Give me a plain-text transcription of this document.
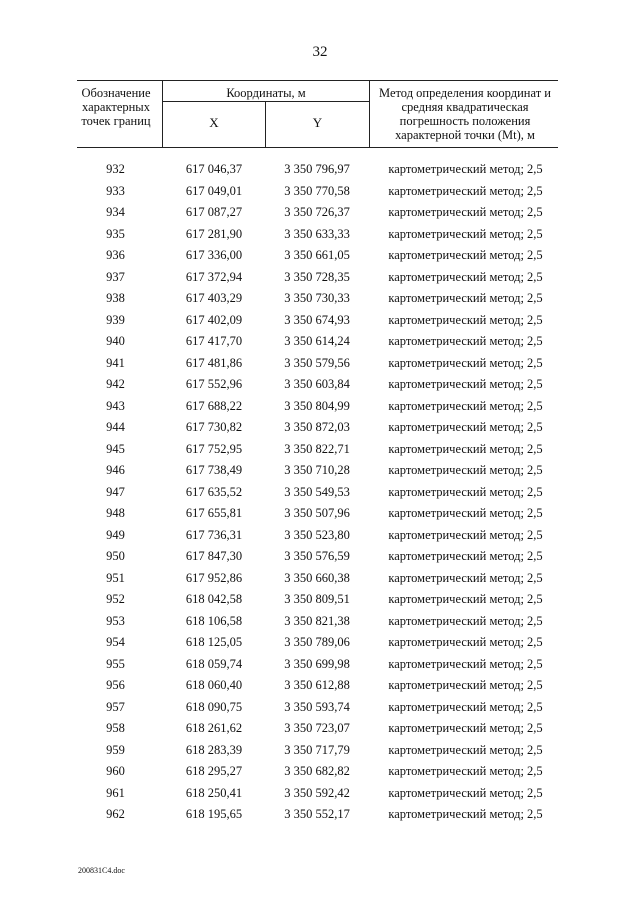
32
Обозначение характерных точек границ
Координаты, м
X	Y
Метод определения координат и средняя квадратическая погрешность положения характерной точки (Mt), м
932	617 046,37	3 350 796,97	картометрический метод; 2,5
933	617 049,01	3 350 770,58	картометрический метод; 2,5
934	617 087,27	3 350 726,37	картометрический метод; 2,5
935	617 281,90	3 350 633,33	картометрический метод; 2,5
936	617 336,00	3 350 661,05	картометрический метод; 2,5
937	617 372,94	3 350 728,35	картометрический метод; 2,5
938	617 403,29	3 350 730,33	картометрический метод; 2,5
939	617 402,09	3 350 674,93	картометрический метод; 2,5
940	617 417,70	3 350 614,24	картометрический метод; 2,5
941	617 481,86	3 350 579,56	картометрический метод; 2,5
942	617 552,96	3 350 603,84	картометрический метод; 2,5
943	617 688,22	3 350 804,99	картометрический метод; 2,5
944	617 730,82	3 350 872,03	картометрический метод; 2,5
945	617 752,95	3 350 822,71	картометрический метод; 2,5
946	617 738,49	3 350 710,28	картометрический метод; 2,5
947	617 635,52	3 350 549,53	картометрический метод; 2,5
948	617 655,81	3 350 507,96	картометрический метод; 2,5
949	617 736,31	3 350 523,80	картометрический метод; 2,5
950	617 847,30	3 350 576,59	картометрический метод; 2,5
951	617 952,86	3 350 660,38	картометрический метод; 2,5
952	618 042,58	3 350 809,51	картометрический метод; 2,5
953	618 106,58	3 350 821,38	картометрический метод; 2,5
954	618 125,05	3 350 789,06	картометрический метод; 2,5
955	618 059,74	3 350 699,98	картометрический метод; 2,5
956	618 060,40	3 350 612,88	картометрический метод; 2,5
957	618 090,75	3 350 593,74	картометрический метод; 2,5
958	618 261,62	3 350 723,07	картометрический метод; 2,5
959	618 283,39	3 350 717,79	картометрический метод; 2,5
960	618 295,27	3 350 682,82	картометрический метод; 2,5
961	618 250,41	3 350 592,42	картометрический метод; 2,5
962	618 195,65	3 350 552,17	картометрический метод; 2,5
200831C4.doc
